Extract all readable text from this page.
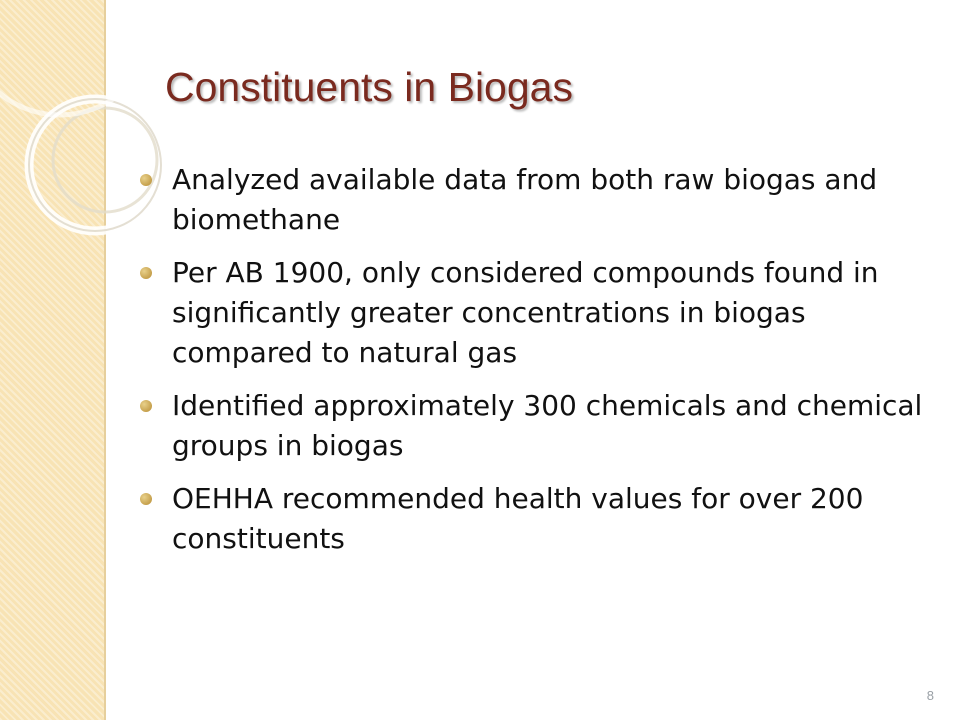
Constituents in Biogas
Analyzed available data from both raw biogas and biomethane
Per AB 1900, only considered compounds found in significantly greater concentrations in biogas compared to natural gas
Identified approximately 300 chemicals and chemical groups in biogas
OEHHA recommended health values for over 200 constituents
8
